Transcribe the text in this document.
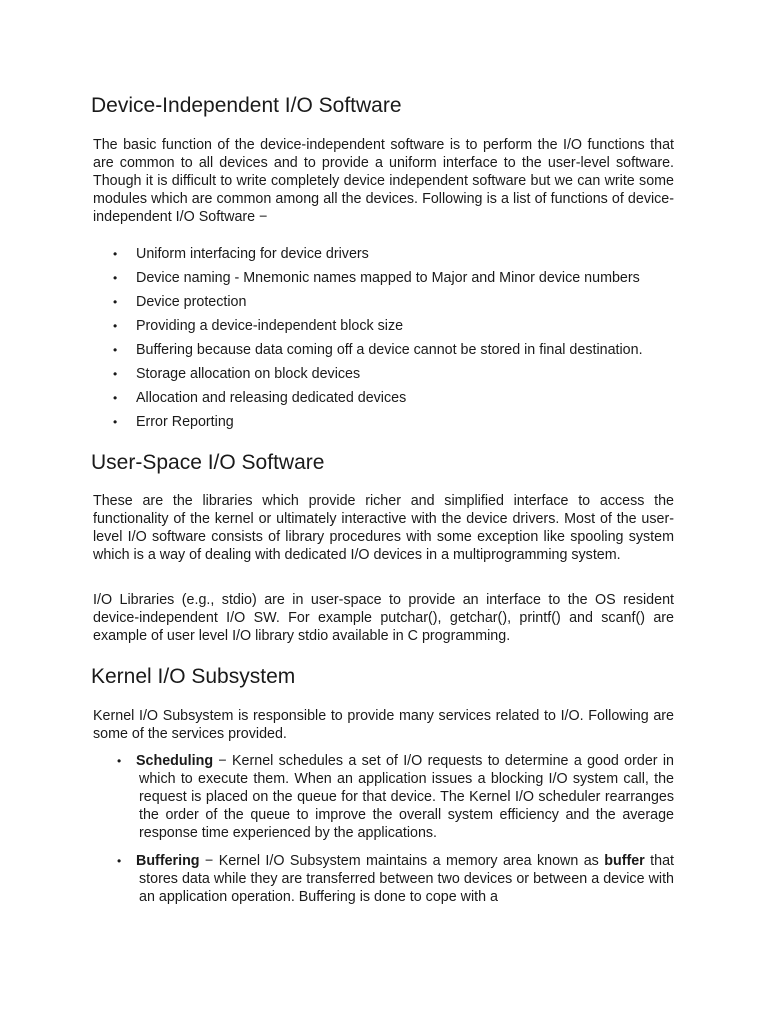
Device-Independent I/O Software

The basic function of the device-independent software is to perform the I/O functions that are common to all devices and to provide a uniform interface to the user-level software. Though it is difficult to write completely device independent software but we can write some modules which are common among all the devices. Following is a list of functions of device-independent I/O Software −

• Uniform interfacing for device drivers
• Device naming - Mnemonic names mapped to Major and Minor device numbers
• Device protection
• Providing a device-independent block size
• Buffering because data coming off a device cannot be stored in final destination.
• Storage allocation on block devices
• Allocation and releasing dedicated devices
• Error Reporting
User-Space I/O Software

These are the libraries which provide richer and simplified interface to access the functionality of the kernel or ultimately interactive with the device drivers. Most of the user-level I/O software consists of library procedures with some exception like spooling system which is a way of dealing with dedicated I/O devices in a multiprogramming system.

I/O Libraries (e.g., stdio) are in user-space to provide an interface to the OS resident device-independent I/O SW. For example putchar(), getchar(), printf() and scanf() are example of user level I/O library stdio available in C programming.

Kernel I/O Subsystem

Kernel I/O Subsystem is responsible to provide many services related to I/O. Following are some of the services provided.

• Scheduling − Kernel schedules a set of I/O requests to determine a good order in which to execute them. When an application issues a blocking I/O system call, the request is placed on the queue for that device. The Kernel I/O scheduler rearranges the order of the queue to improve the overall system efficiency and the average response time experienced by the applications.
• Buffering − Kernel I/O Subsystem maintains a memory area known as buffer that stores data while they are transferred between two devices or between a device with an application operation. Buffering is done to cope with a
